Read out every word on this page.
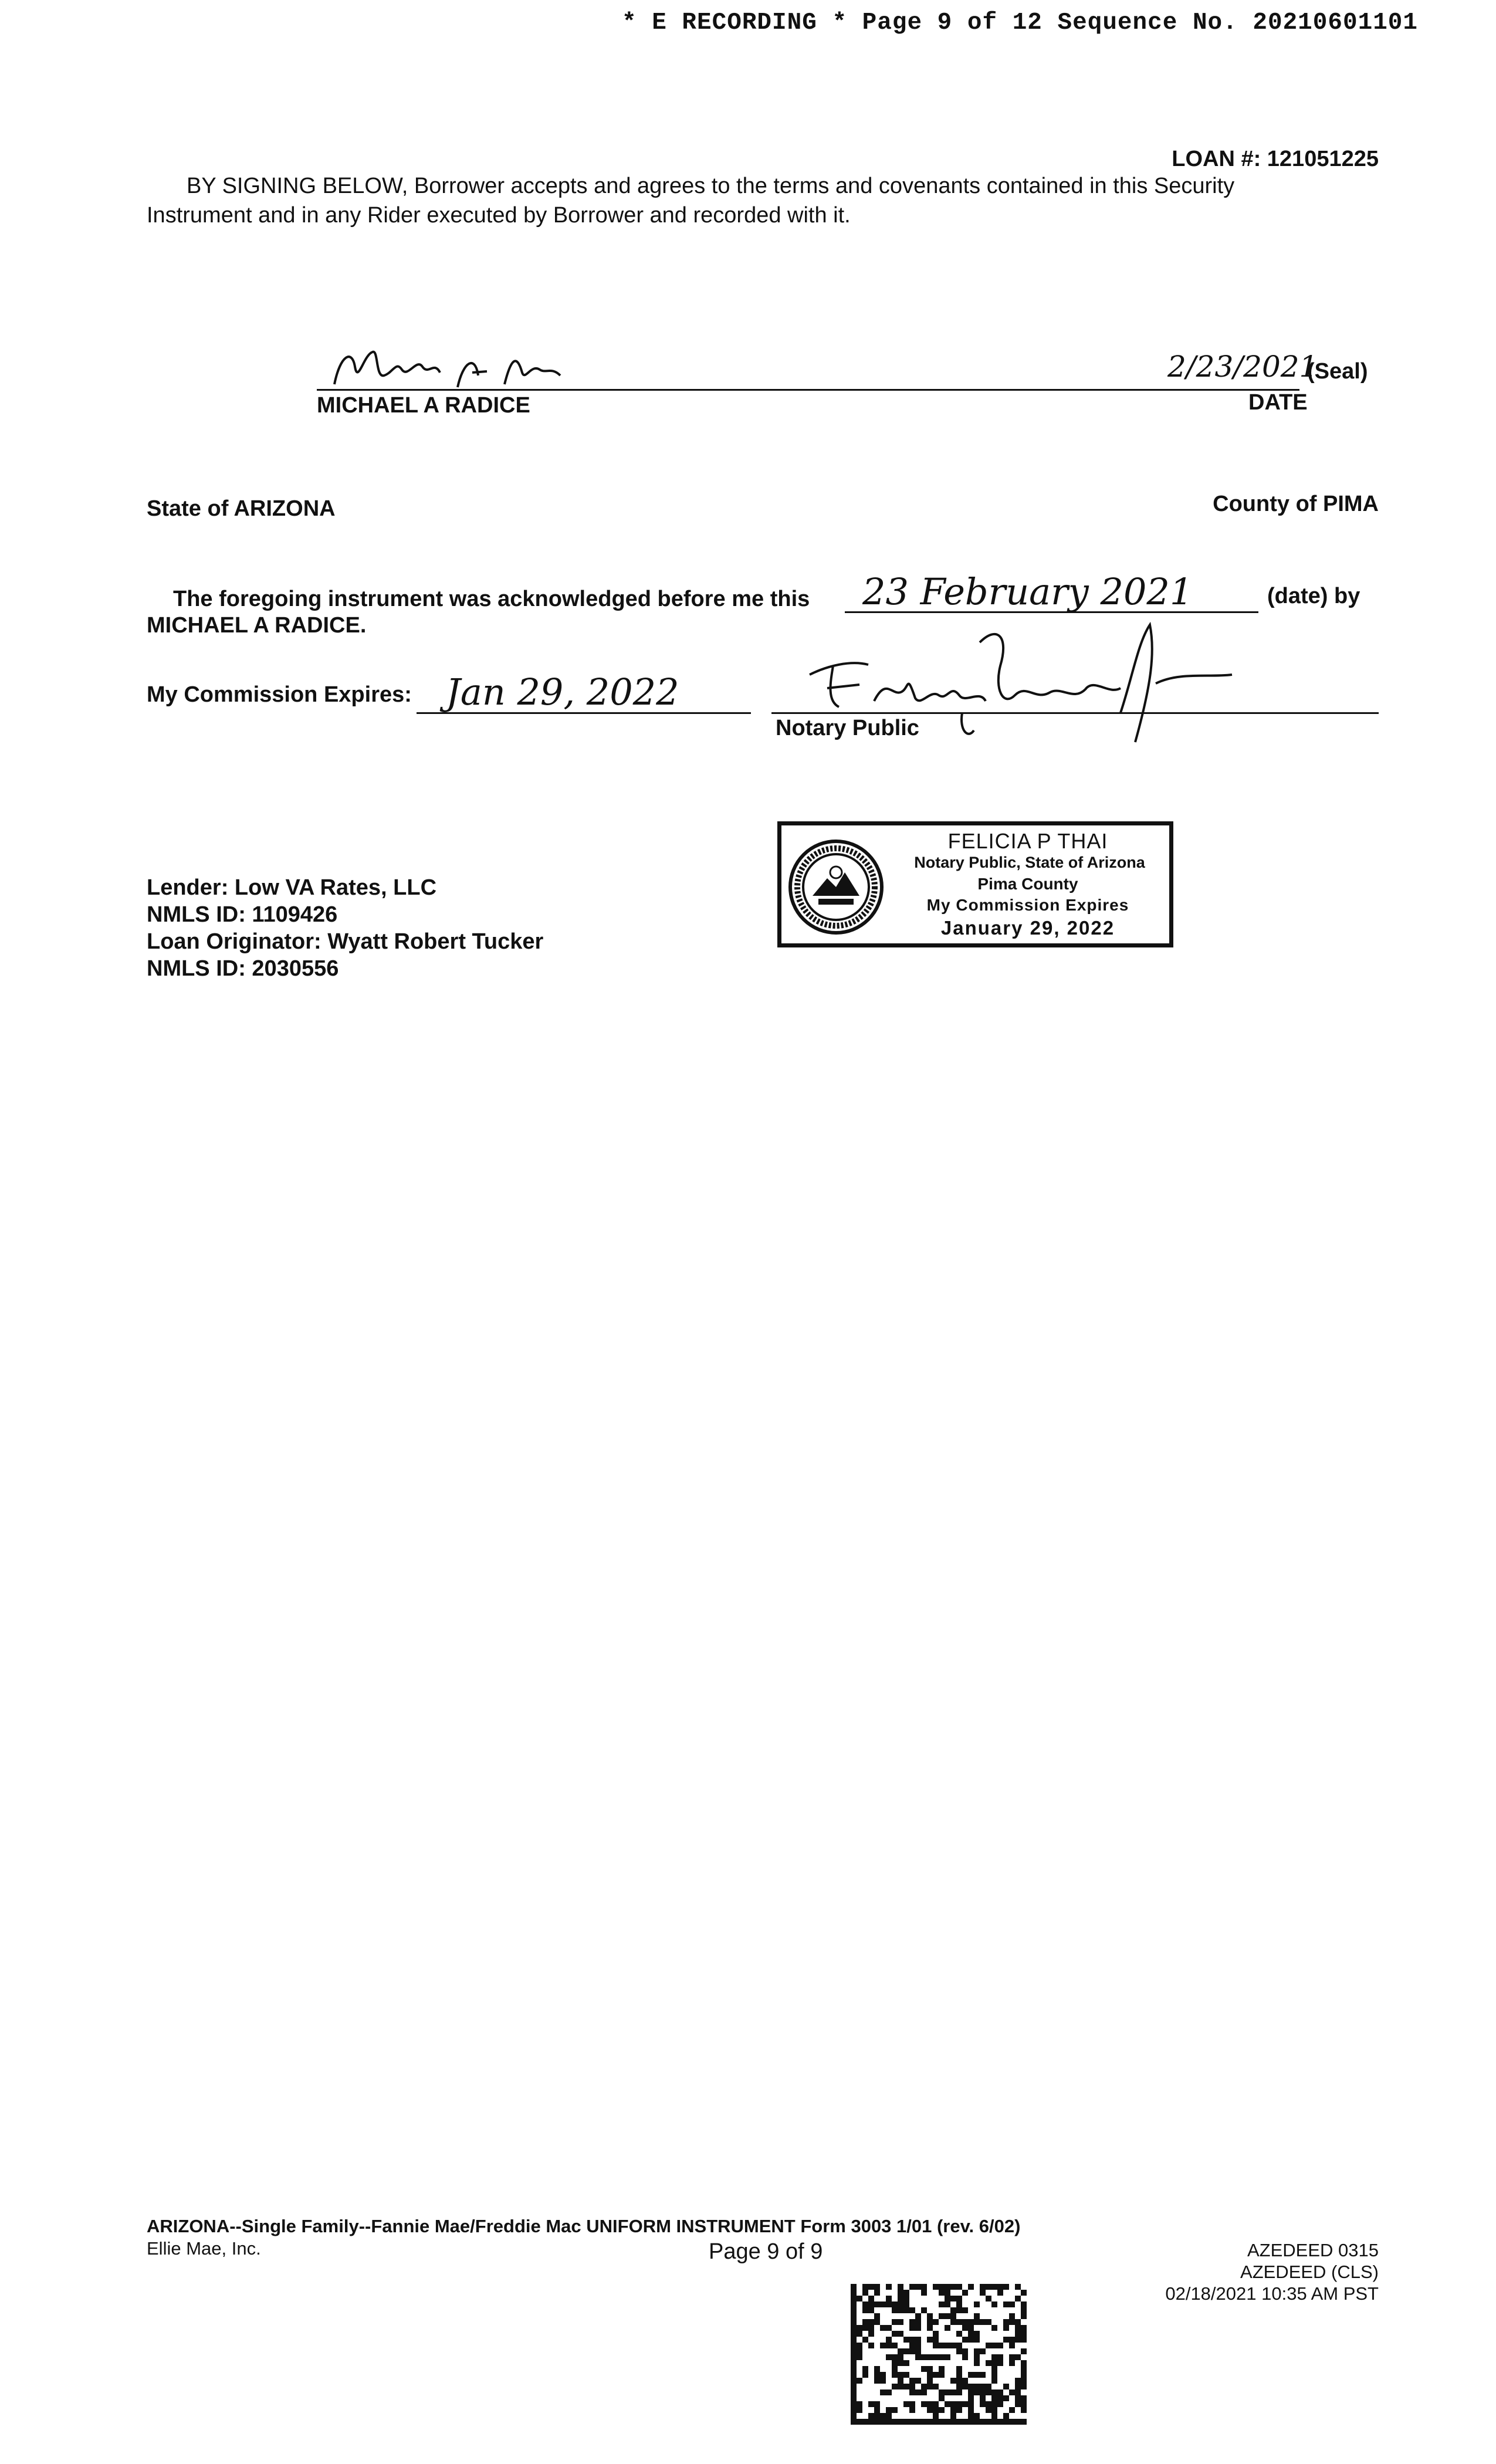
* E RECORDING * Page 9 of 12 Sequence No. 20210601101
LOAN #: 121051225
BY SIGNING BELOW, Borrower accepts and agrees to the terms and covenants contained in this Security
Instrument and in any Rider executed by Borrower and recorded with it.
2/23/2021
(Seal)
MICHAEL A RADICE	DATE
State of ARIZONA	County of PIMA
The foregoing instrument was acknowledged before me this 23 February 2021	(date) by
MICHAEL A RADICE.
My Commission Expires: Jan 29, 2022
Notary Public
Lender: Low VA Rates, LLC
NMLS ID: 1109426
Loan Originator: Wyatt Robert Tucker
NMLS ID: 2030556
FELICIA P THAI
Notary Public, State of Arizona
Pima County
My Commission Expires
January 29, 2022
ARIZONA--Single Family--Fannie Mae/Freddie Mac UNIFORM INSTRUMENT Form 3003 1/01 (rev. 6/02)
Ellie Mae, Inc.	Page 9 of 9	AZEDEED 0315
AZEDEED (CLS)
02/18/2021 10:35 AM PST
